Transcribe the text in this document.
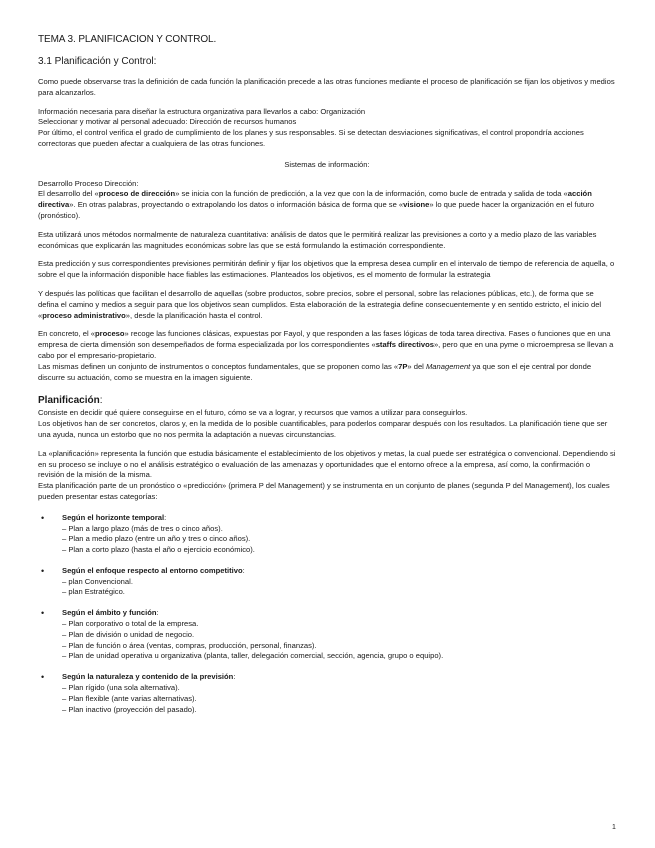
TEMA 3. PLANIFICACION Y CONTROL.
3.1 Planificación y Control:

Como puede observarse tras la definición de cada función la planificación precede a las otras funciones mediante el proceso de planificación se fijan los objetivos y medios para alcanzarlos.

Información necesaria para diseñar la estructura organizativa para llevarlos a cabo: Organización

Seleccionar y motivar al personal adecuado: Dirección de recursos humanos

Por último, el control verifica el grado de cumplimiento de los planes y sus responsables. Si se detectan desviaciones significativas, el control propondría acciones correctoras que pueden afectar a cualquiera de las otras funciones.

Sistemas de información:

Desarrollo Proceso Dirección:

El desarrollo del «proceso de dirección» se inicia con la función de predicción, a la vez que con la de información, como bucle de entrada y salida de toda «acción directiva». En otras palabras, proyectando o extrapolando los datos o información básica de forma que se «visione» lo que puede hacer la organización en el futuro (pronóstico).

Esta utilizará unos métodos normalmente de naturaleza cuantitativa: análisis de datos que le permitirá realizar las previsiones a corto y a medio plazo de las variables económicas que explicarán las magnitudes económicas sobre las que se está formulando la estimación correspondiente.

Esta predicción y sus correspondientes previsiones permitirán definir y fijar los objetivos que la empresa desea cumplir en el intervalo de tiempo de referencia de aquella, o sobre el que la información disponible hace fiables las estimaciones. Planteados los objetivos, es el momento de formular la estrategia

Y después las políticas que facilitan el desarrollo de aquellas (sobre productos, sobre precios, sobre el personal, sobre las relaciones públicas, etc.), de forma que se defina el camino y medios a seguir para que los objetivos sean cumplidos. Esta elaboración de la estrategia define consecuentemente y en sentido estricto, el inicio del «proceso administrativo», desde la planificación hasta el control.

En concreto, el «proceso» recoge las funciones clásicas, expuestas por Fayol, y que responden a las fases lógicas de toda tarea directiva. Fases o funciones que en una empresa de cierta dimensión son desempeñados de forma especializada por los correspondientes «staffs directivos», pero que en una pyme o microempresa se llevan a cabo por el empresario-propietario.

Las mismas definen un conjunto de instrumentos o conceptos fundamentales, que se proponen como las «7P» del Management ya que son el eje central por donde discurre su actuación, como se muestra en la imagen siguiente.

Planificación:

Consiste en decidir qué quiere conseguirse en el futuro, cómo se va a lograr, y recursos que vamos a utilizar para conseguirlos.

Los objetivos han de ser concretos, claros y, en la medida de lo posible cuantificables, para poderlos comparar después con los resultados. La planificación tiene que ser una ayuda, nunca un estorbo que no nos permita la adaptación a nuevas circunstancias.

La «planificación» representa la función que estudia básicamente el establecimiento de los objetivos y metas, la cual puede ser estratégica o convencional. Dependiendo si en su proceso se incluye o no el análisis estratégico o evaluación de las amenazas y oportunidades que el entorno ofrece a la empresa, así como, la confirmación o revisión de la misión de la misma.

Esta planificación parte de un pronóstico o «predicción» (primera P del Management) y se instrumenta en un conjunto de planes (segunda P del Management), los cuales pueden presentar estas categorías:

• Según el horizonte temporal:
– Plan a largo plazo (más de tres o cinco años).
– Plan a medio plazo (entre un año y tres o cinco años).
– Plan a corto plazo (hasta el año o ejercicio económico).
• Según el enfoque respecto al entorno competitivo:
– plan Convencional.
– plan Estratégico.
• Según el ámbito y función:
– Plan corporativo o total de la empresa.
– Plan de división o unidad de negocio.
– Plan de función o área (ventas, compras, producción, personal, finanzas).
– Plan de unidad operativa u organizativa (planta, taller, delegación comercial, sección, agencia, grupo o equipo).
• Según la naturaleza y contenido de la previsión:
– Plan rígido (una sola alternativa).
– Plan flexible (ante varias alternativas).
– Plan inactivo (proyección del pasado).
1
